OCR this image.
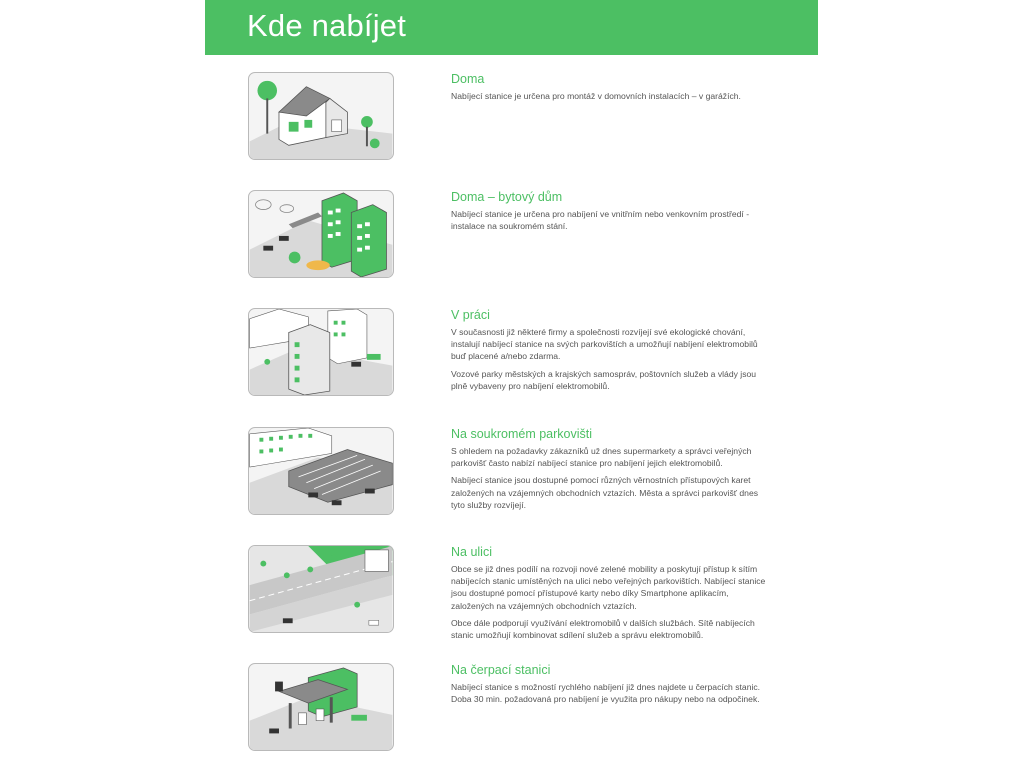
Kde nabíjet
Doma

Nabíjecí stanice je určena pro montáž v domovních instalacích – v garážích.

Doma – bytový dům

Nabíjecí stanice je určena pro nabíjení ve vnitřním nebo venkovním prostředí - instalace na soukromém stání.

V práci

V současnosti již některé firmy a společnosti rozvíjejí své ekologické chování, instalují nabíjecí stanice na svých parkovištích a umožňují nabíjení elektromobilů buď placené a/nebo zdarma.

Vozové parky městských a krajských samospráv, poštovních služeb a vlády jsou plně vybaveny pro nabíjení elektromobilů.

Na soukromém parkovišti

S ohledem na požadavky zákazníků už dnes supermarkety a správci veřejných parkovišť často nabízí nabíjecí stanice pro nabíjení jejich elektromobilů.

Nabíjecí stanice jsou dostupné pomocí různých věrnostních přístupových karet založených na vzájemných obchodních vztazích. Města a správci parkovišť dnes tyto služby rozvíjejí.

Na ulici

Obce se již dnes podílí na rozvoji nové zelené mobility a poskytují přístup k sítím nabíjecích stanic umístěných na ulici nebo veřejných parkovištích. Nabíjecí stanice jsou dostupné pomocí přístupové karty nebo díky Smartphone aplikacím, založených na vzájemných obchodních vztazích.

Obce dále podporují využívání elektromobilů v dalších službách. Sítě nabíjecích stanic umožňují kombinovat sdílení služeb a správu elektromobilů.

Na čerpací stanici

Nabíjecí stanice s možností rychlého nabíjení již dnes najdete u čerpacích stanic. Doba 30 min. požadovaná pro nabíjení je využita pro nákupy nebo na odpočinek.
